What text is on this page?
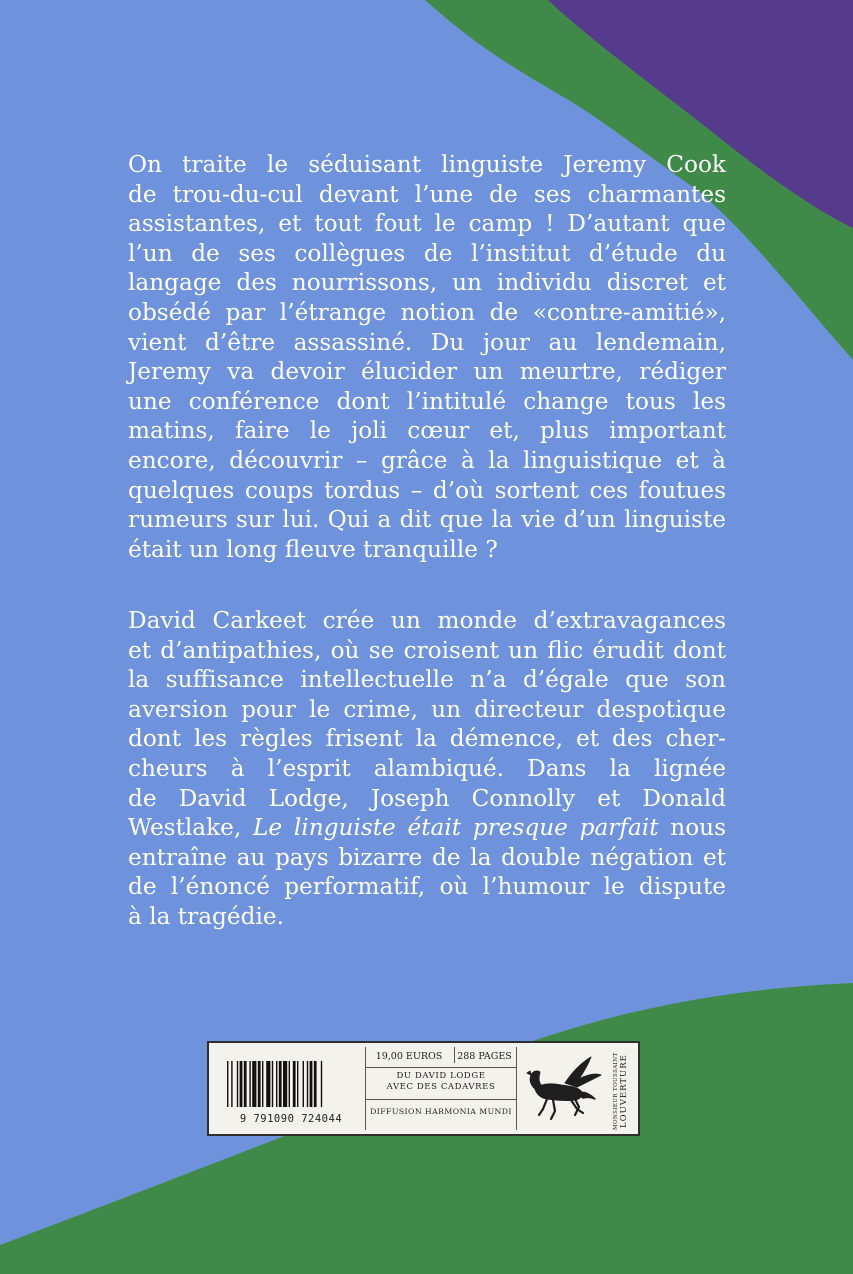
On traite le séduisant linguiste Jeremy Cook
de trou-du-cul devant l’une de ses charmantes
assistantes, et tout fout le camp ! D’autant que
l’un de ses collègues de l’institut d’étude du
langage des nourrissons, un individu discret et
obsédé par l’étrange notion de «contre-amitié»,
vient d’être assassiné. Du jour au lendemain,
Jeremy va devoir élucider un meurtre, rédiger
une conférence dont l’intitulé change tous les
matins, faire le joli cœur et, plus important
encore, découvrir – grâce à la linguistique et à
quelques coups tordus – d’où sortent ces foutues
rumeurs sur lui. Qui a dit que la vie d’un linguiste
était un long fleuve tranquille ?
David Carkeet crée un monde d’extravagances
et d’antipathies, où se croisent un flic érudit dont
la suffisance intellectuelle n’a d’égale que son
aversion pour le crime, un directeur despotique
dont les règles frisent la démence, et des cher-
cheurs à l’esprit alambiqué. Dans la lignée
de David Lodge, Joseph Connolly et Donald
Westlake, Le linguiste était presque parfait nous
entraîne au pays bizarre de la double négation et
de l’énoncé performatif, où l’humour le dispute
à la tragédie.
9 791090 724044
19,00 EUROS	288 PAGES
DU DAVID LODGE
AVEC DES CADAVRES
DIFFUSION HARMONIA MUNDI	MONSIEUR TOUSSAINT LOUVERTURE
